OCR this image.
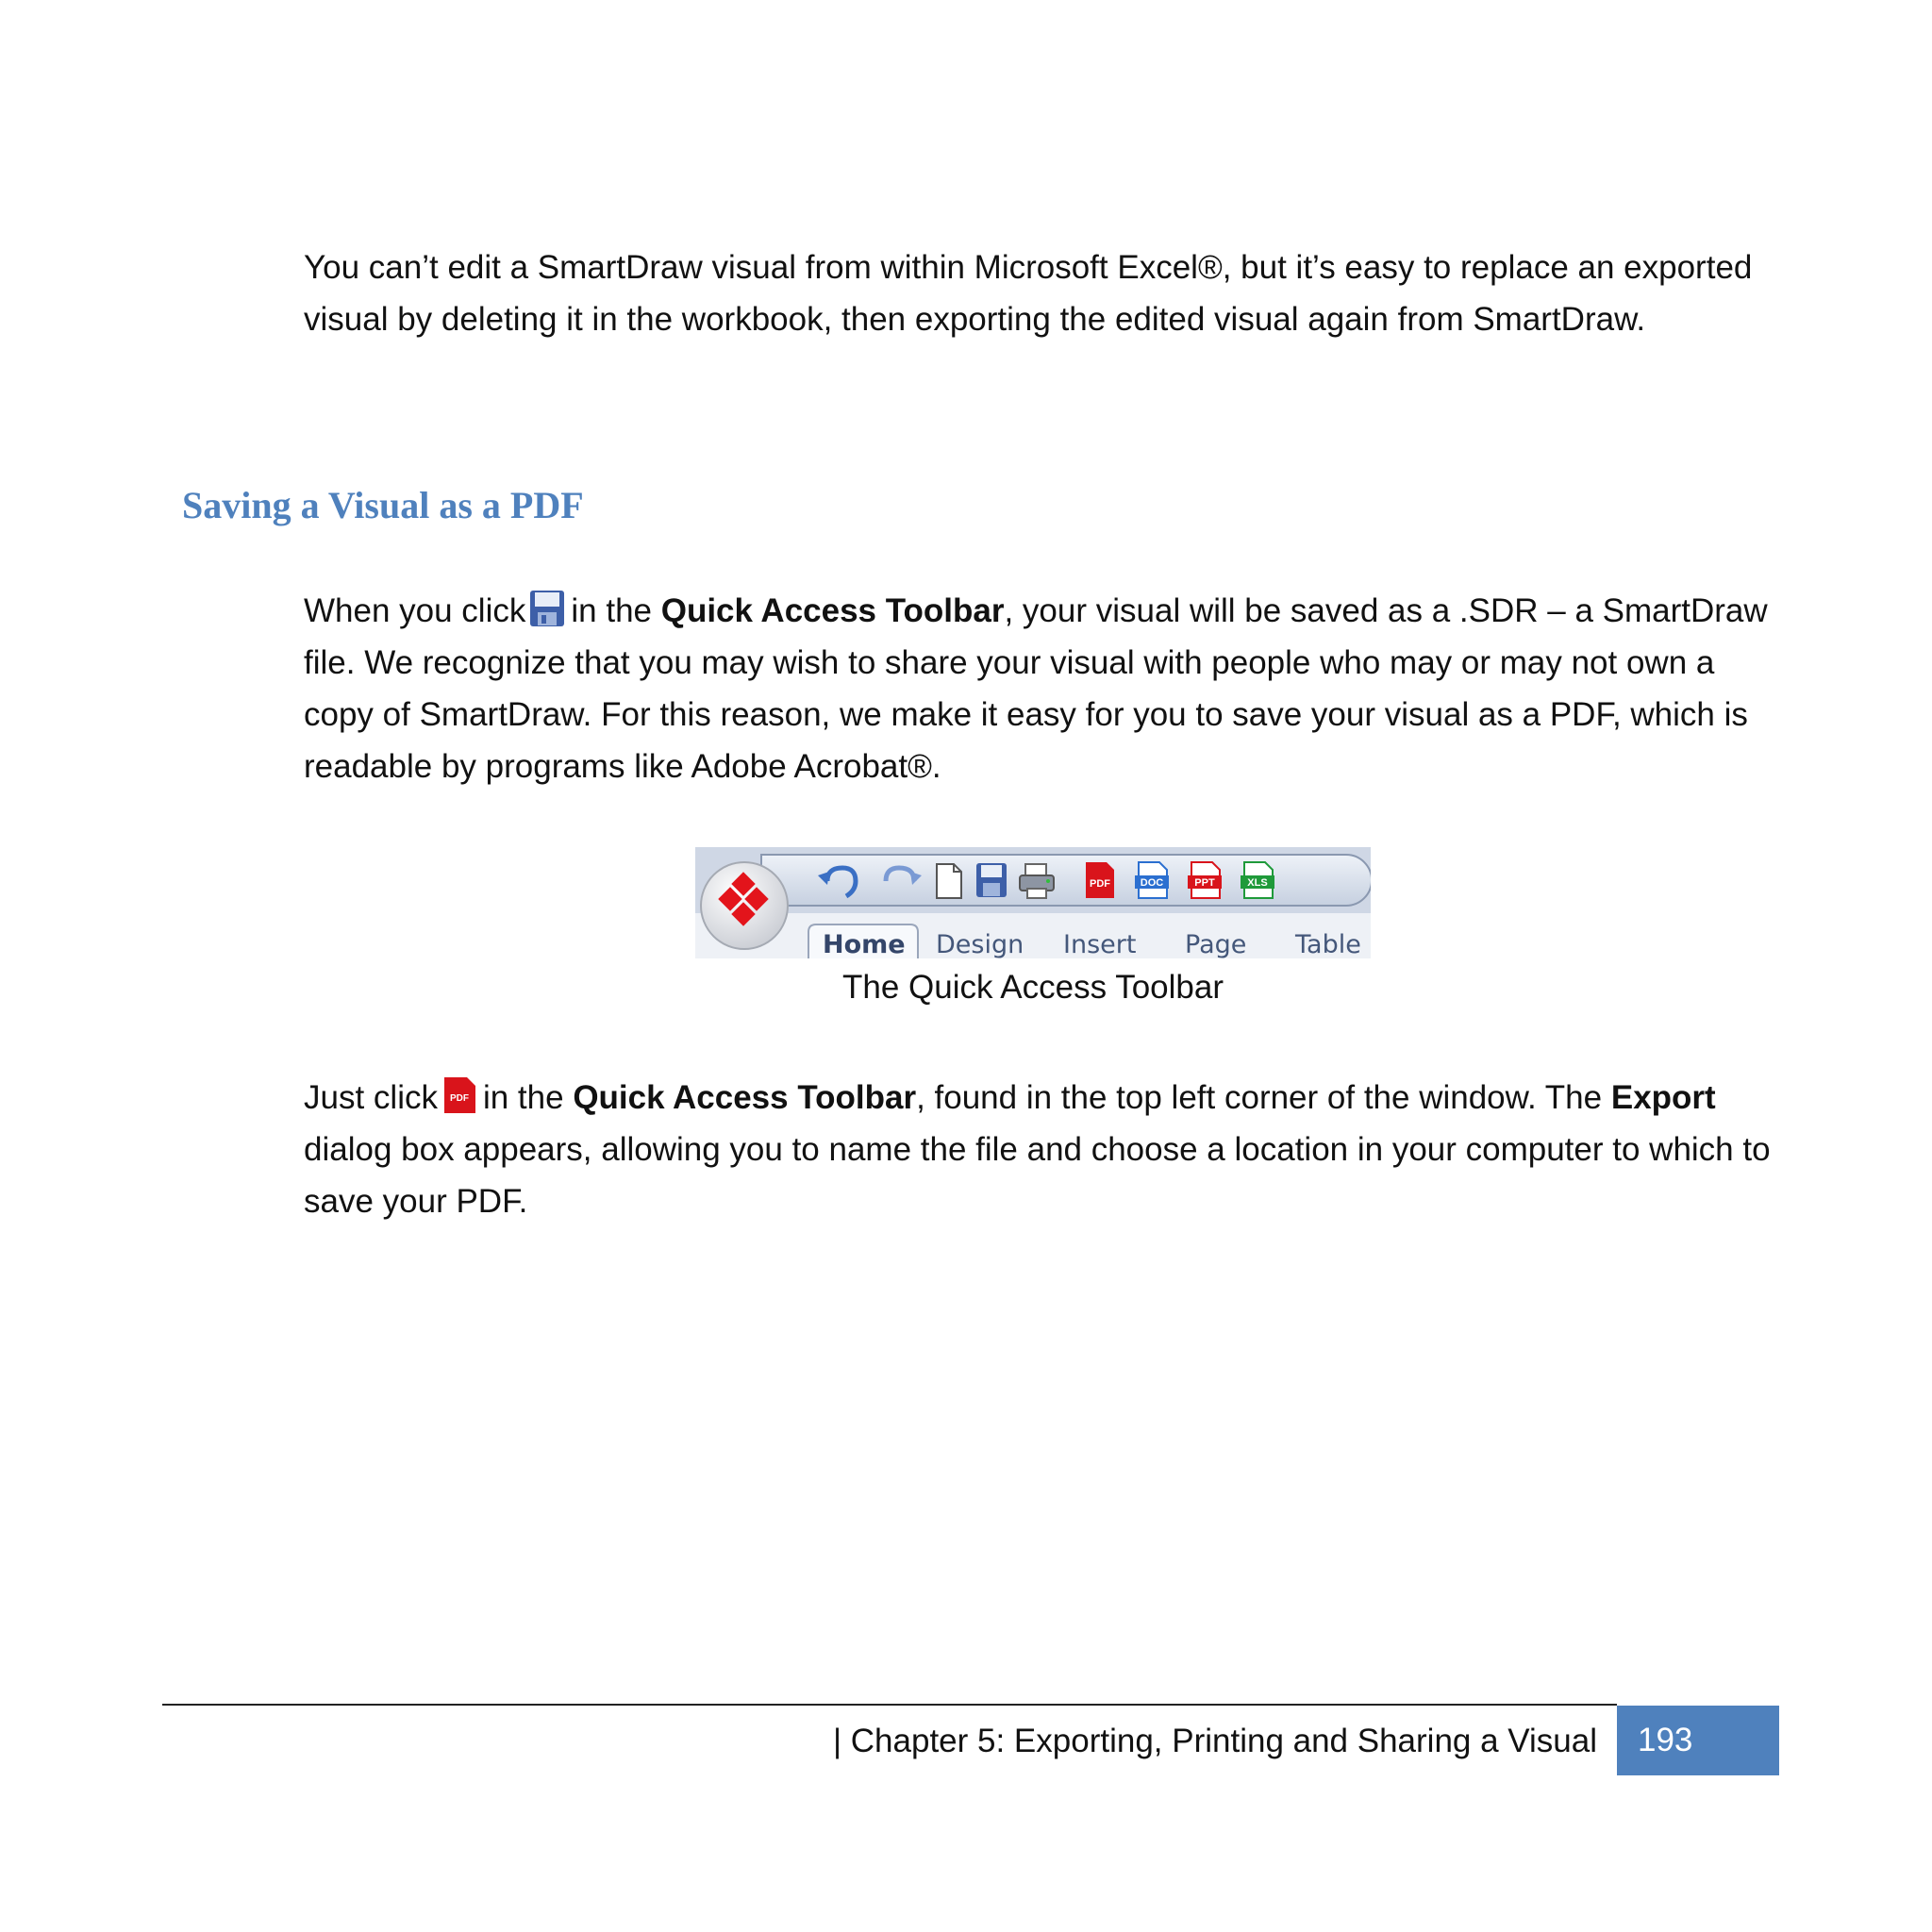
You can’t edit a SmartDraw visual from within Microsoft Excel®, but it’s easy to replace an exported visual by deleting it in the workbook, then exporting the edited visual again from SmartDraw.

Saving a Visual as a PDF

When you click in the Quick Access Toolbar, your visual will be saved as a .SDR – a SmartDraw file. We recognize that you may wish to share your visual with people who may or may not own a copy of SmartDraw. For this reason, we make it easy for you to save your visual as a PDF, which is readable by programs like Adobe Acrobat®.

PDF	DOC	PPT	XLS
Home Design Insert Page Table

The Quick Access Toolbar

Just click PDF in the Quick Access Toolbar, found in the top left corner of the window. The Export dialog box appears, allowing you to name the file and choose a location in your computer to which to save your PDF.

| Chapter 5: Exporting, Printing and Sharing a Visual	193
